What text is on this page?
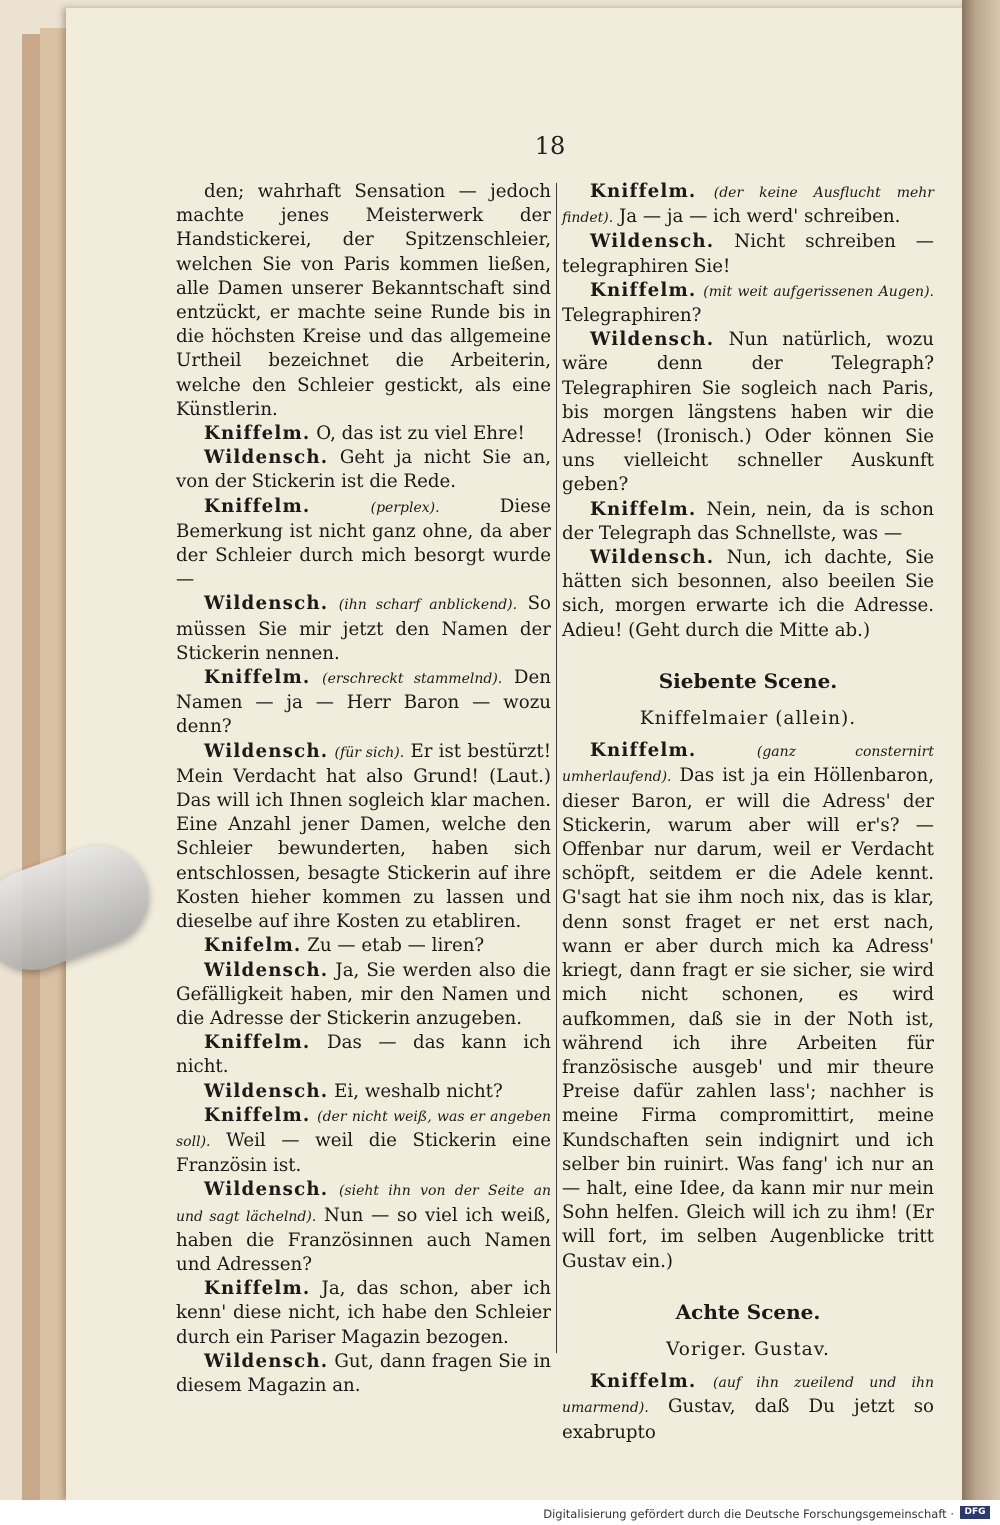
18

den; wahrhaft Sensation — jedoch machte jenes Meisterwerk der Handstickerei, der Spitzenschleier, welchen Sie von Paris kommen ließen, alle Damen unserer Bekanntschaft sind entzückt, er machte seine Runde bis in die höchsten Kreise und das allgemeine Urtheil bezeichnet die Arbeiterin, welche den Schleier gestickt, als eine Künstlerin.

Kniffelm. O, das ist zu viel Ehre!

Wildensch. Geht ja nicht Sie an, von der Stickerin ist die Rede.

Kniffelm.	(perplex).	Diese Bemerkung ist nicht ganz ohne, da aber der Schleier durch mich besorgt wurde —

Wildensch. (ihn scharf anblickend). So müssen Sie mir jetzt den Namen der Stickerin nennen.

Kniffelm. (erschreckt stammelnd). Den Namen — ja — Herr Baron — wozu denn?

Wildensch. (für sich). Er ist bestürzt! Mein Verdacht hat also Grund! (Laut.) Das will ich Ihnen sogleich klar machen. Eine Anzahl jener Damen, welche den Schleier bewunderten, haben sich entschlossen, besagte Stickerin auf ihre Kosten hieher kommen zu lassen und dieselbe auf ihre Kosten zu etabliren.

Knifelm. Zu — etab — liren?

Wildensch. Ja, Sie werden also die Gefälligkeit haben, mir den Namen und die Adresse der Stickerin anzugeben.

Kniffelm. Das — das kann ich nicht.

Wildensch. Ei, weshalb nicht?

Kniffelm. (der nicht weiß, was er angeben soll). Weil — weil die Stickerin eine Französin ist.

Wildensch. (sieht ihn von der Seite an und sagt lächelnd). Nun — so viel ich weiß, haben die Französinnen auch Namen und Adressen?

Kniffelm. Ja, das schon, aber ich kenn' diese nicht, ich habe den Schleier durch ein Pariser Magazin bezogen.

Wildensch. Gut, dann fragen Sie in diesem Magazin an.

Kniffelm. (der keine Ausflucht mehr findet). Ja — ja — ich werd' schreiben.

Wildensch. Nicht schreiben — telegraphiren Sie!

Kniffelm. (mit weit aufgerissenen Augen). Telegraphiren?

Wildensch. Nun natürlich, wozu wäre denn der Telegraph? Telegraphiren Sie sogleich nach Paris, bis morgen längstens haben wir die Adresse! (Ironisch.) Oder können Sie uns vielleicht schneller Auskunft geben?

Kniffelm. Nein, nein, da is schon der Telegraph das Schnellste, was —

Wildensch. Nun, ich dachte, Sie hätten sich besonnen, also beeilen Sie sich, morgen erwarte ich die Adresse. Adieu! (Geht durch die Mitte ab.)

Siebente Scene.
Kniffelmaier (allein).

Kniffelm.	(ganz consternirt umherlaufend). Das ist ja ein Höllenbaron, dieser Baron, er will die Adress' der Stickerin, warum aber will er's? — Offenbar nur darum, weil er Verdacht schöpft, seitdem er die Adele kennt. G'sagt hat sie ihm noch nix, das is klar, denn sonst fraget er net erst nach, wann er aber durch mich ka Adress' kriegt, dann fragt er sie sicher, sie wird mich nicht schonen, es wird aufkommen, daß sie in der Noth ist, während ich ihre Arbeiten für französische ausgeb' und mir theure Preise dafür zahlen lass'; nachher is meine Firma compromittirt, meine Kundschaften sein indignirt und ich selber bin ruinirt. Was fang' ich nur an — halt, eine Idee, da kann mir nur mein Sohn helfen. Gleich will ich zu ihm! (Er will fort, im selben Augenblicke tritt Gustav ein.)

Achte Scene.
Voriger. Gustav.

Kniffelm. (auf ihn zueilend und ihn umarmend). Gustav, daß Du jetzt so exabrupto

Digitalisierung gefördert durch die Deutsche Forschungsgemeinschaft ·	DFG
